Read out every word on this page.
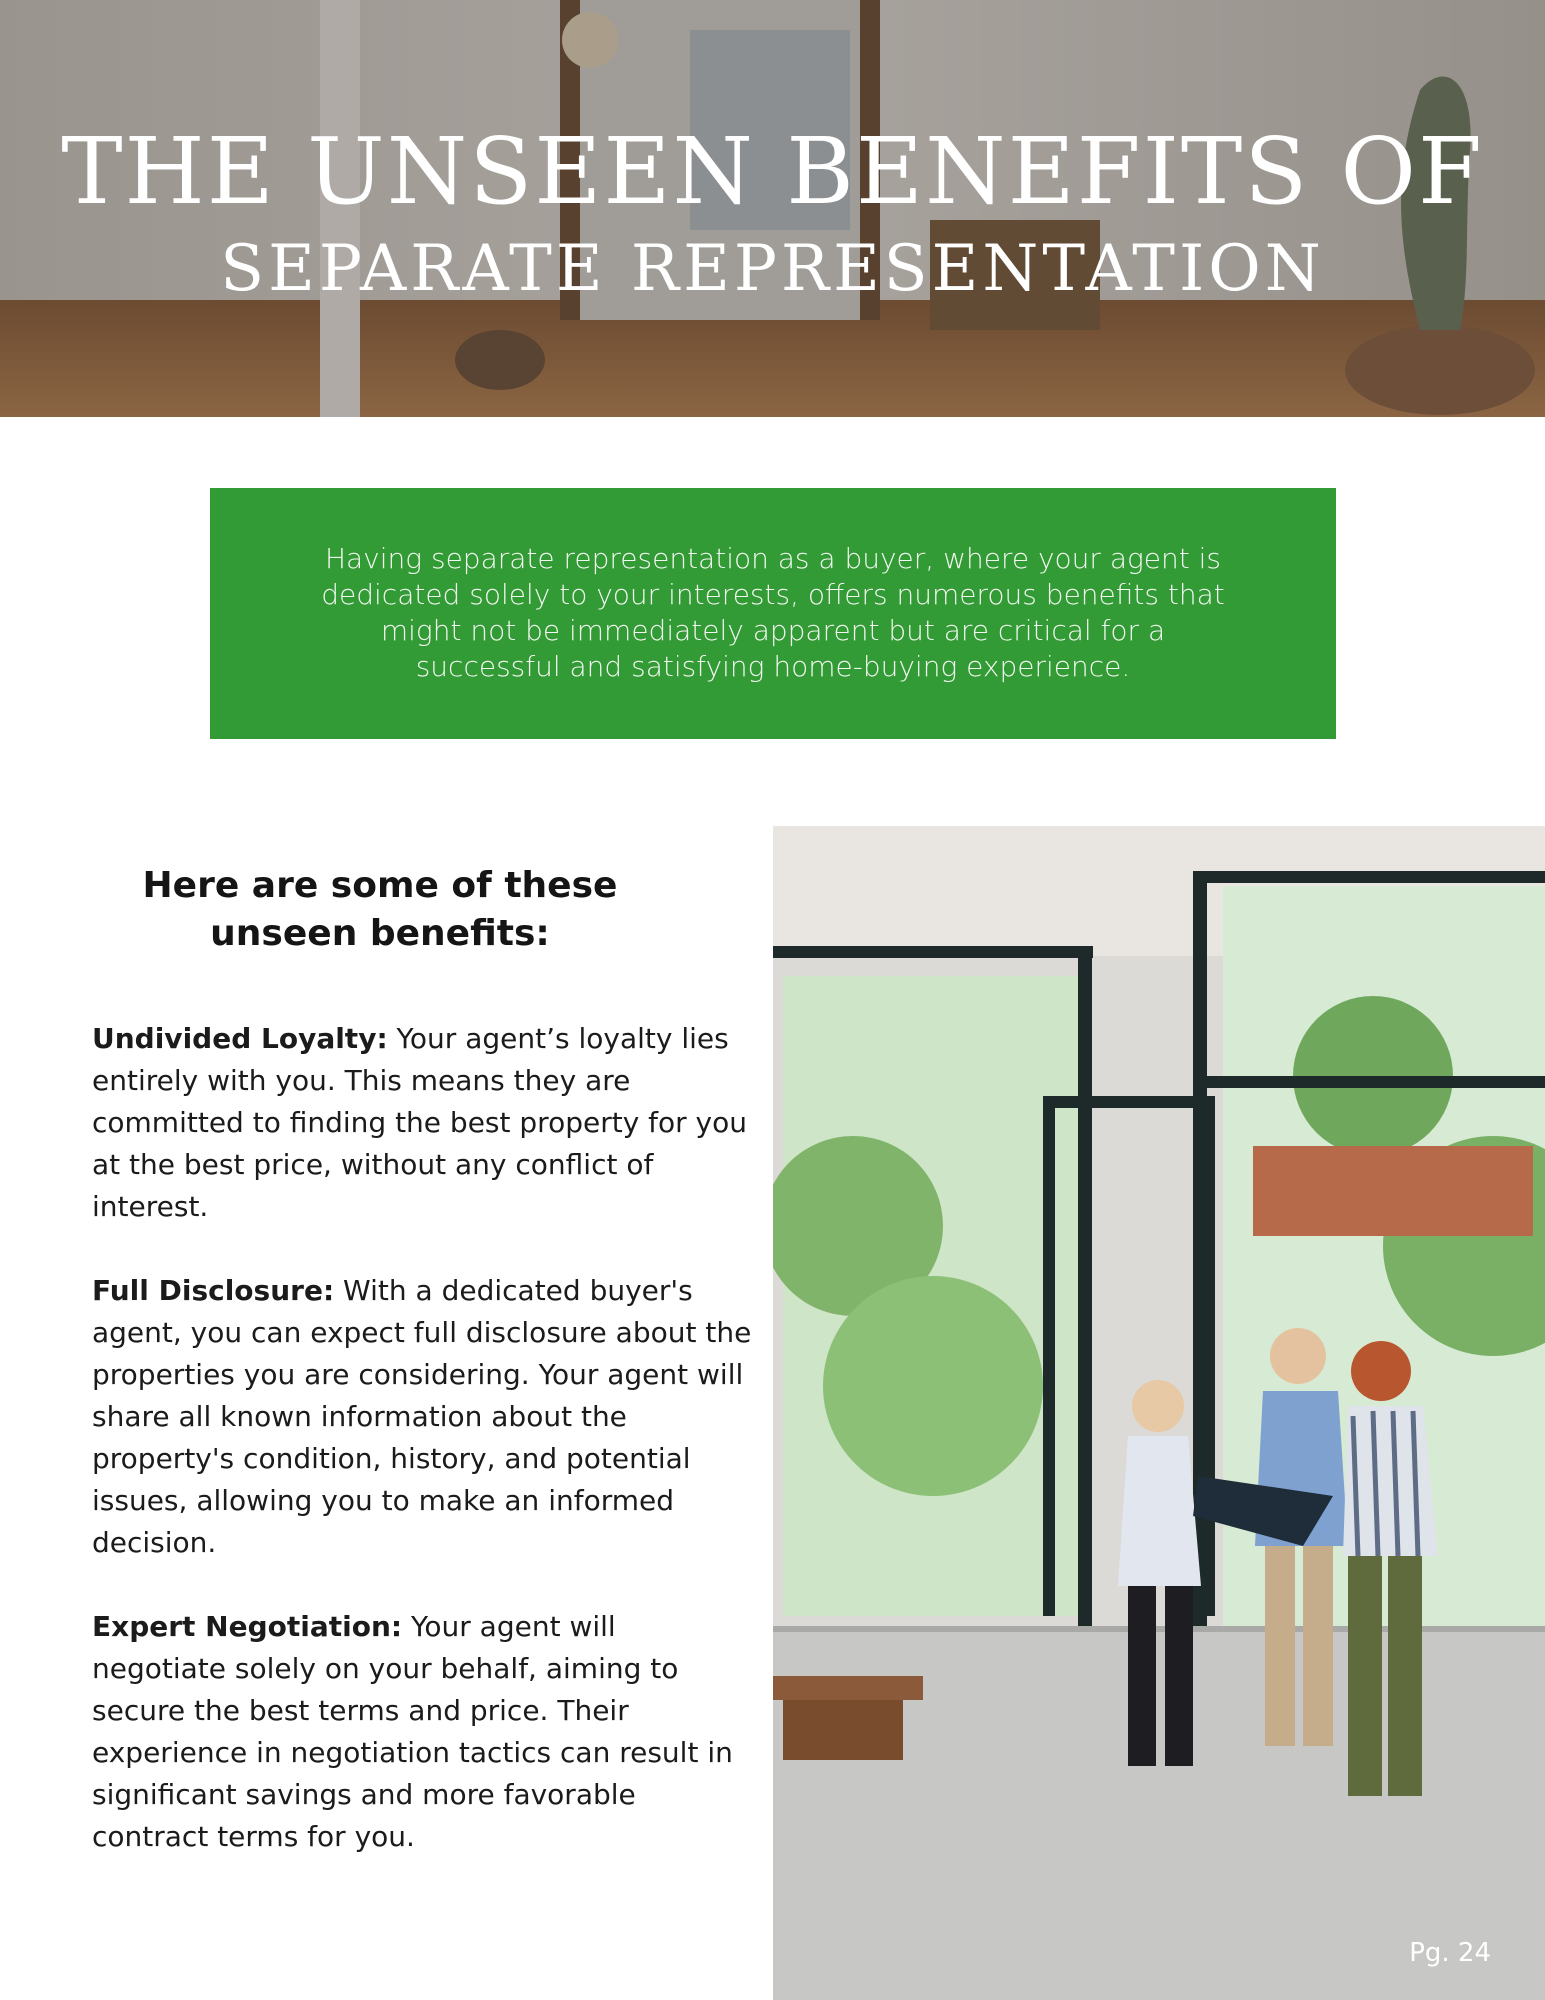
THE UNSEEN BENEFITS OF
SEPARATE REPRESENTATION

Having separate representation as a buyer, where your agent is dedicated solely to your interests, offers numerous benefits that might not be immediately apparent but are critical for a successful and satisfying home-buying experience.

Here are some of these
unseen benefits:

Undivided Loyalty: Your agent’s loyalty lies entirely with you. This means they are committed to finding the best property for you at the best price, without any conflict of interest.

Full Disclosure: With a dedicated buyer's agent, you can expect full disclosure about the properties you are considering. Your agent will share all known information about the property's condition, history, and potential issues, allowing you to make an informed decision.

Expert Negotiation: Your agent will negotiate solely on your behalf, aiming to secure the best terms and price. Their experience in negotiation tactics can result in significant savings and more favorable contract terms for you.

Pg. 24
